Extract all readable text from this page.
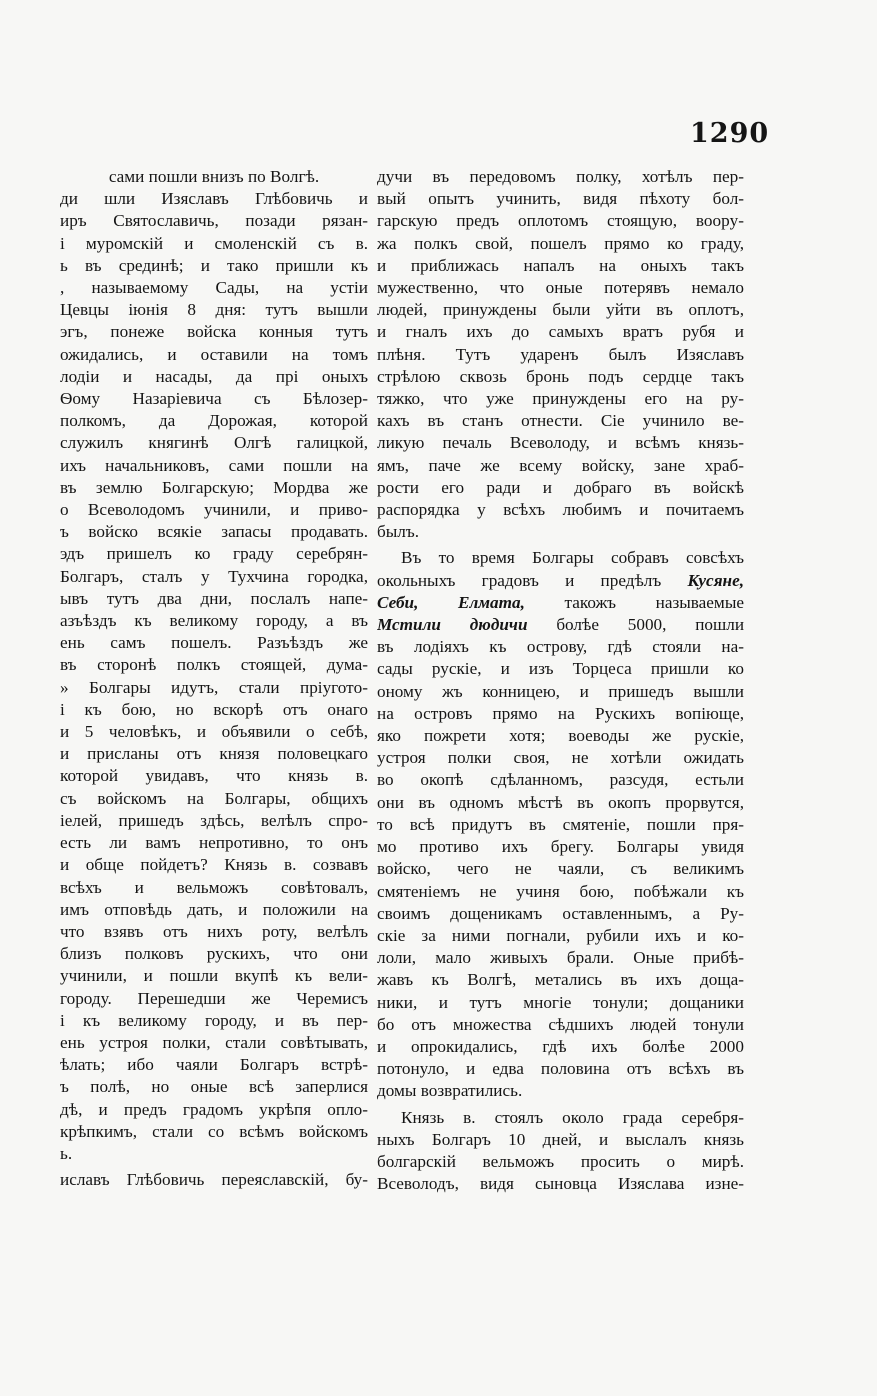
1290
сами пошли внизъ по Волгѣ.
ди шли Изяславъ Глѣбовичь и
иръ Святославичь, позади рязан-
і муромскій и смоленскій съ в.
ь въ срединѣ; и тако пришли къ
, называемому Сады, на устіи
Цевцы іюнія 8 дня: тутъ вышли
эгъ, понеже войска конныя тутъ
ожидались, и оставили на томъ
лодіи и насады, да прі оныхъ
Ѳому Назаріевича съ Бѣлозер-
полкомъ, да Дорожая, которой
служилъ княгинѣ Олгѣ галицкой,
ихъ начальниковъ, сами пошли на
въ землю Болгарскую; Мордва же
о Всеволодомъ учинили, и приво-
ъ войско всякіе запасы продавать.
эдъ пришелъ ко граду серебрян-
Болгаръ, сталъ у Тухчина городка,
ывъ тутъ два дни, послалъ напе-
азъѣздъ къ великому городу, а въ
ень самъ пошелъ. Разъѣздъ же
въ сторонѣ полкъ стоящей, дума-
» Болгары идутъ, стали пріуготo-
і къ бою, но вскорѣ отъ онаго
и 5 человѣкъ, и объявили о себѣ,
и присланы отъ князя половецкаго
которой увидавъ, что князь в.
съ войскомъ на Болгары, общихъ
іелей, пришедъ здѣсь, велѣлъ спро-
есть ли вамъ непротивно, то онъ
и обще пойдетъ? Князь в. созвавъ
всѣхъ и вельможъ совѣтовалъ,
имъ отповѣдь дать, и положили на
что взявъ отъ нихъ роту, велѣлъ
близъ полковъ рускихъ, что они
учинили, и пошли вкупѣ къ вели-
городу. Перешедши же Черемисъ
і къ великому городу, и въ пер-
ень устроя полки, стали совѣтывать,
ѣлать; ибо чаяли Болгаръ встрѣ-
ъ полѣ, но оные всѣ заперлися
дѣ, и предъ градомъ укрѣпя опло-
крѣпкимъ, стали со всѣмъ войскомъ
ь.
иславъ Глѣбовичь переяславскій, бу-
дучи въ передовомъ полку, хотѣлъ пер-
вый опытъ учинить, видя пѣхоту бол-
гарскую предъ оплотомъ стоящую, вооpy-
жа полкъ свой, пошелъ прямо ко граду,
и приближась напалъ на оныхъ такъ
мужественно, что оные потерявъ немало
людей, принуждены были уйти въ оплотъ,
и гналъ ихъ до самыхъ вратъ рубя и
плѣня. Тутъ ударенъ былъ Изяславъ
стрѣлою сквозь бронь подъ сердце такъ
тяжко, что уже принуждены его на ру-
кахъ въ станъ отнести. Сіе учинило ве-
ликую печаль Всеволоду, и всѣмъ князь-
ямъ, паче же всему войску, зане храб-
рости его ради и добраго въ войскѣ
распорядка у всѣхъ любимъ и почитаемъ
былъ.
Въ то время Болгары собравъ совсѣхъ
окольныхъ градовъ и предѣлъ Кусяне,
Себи, Елмата, такожъ называемые
Мстили дюдичи болѣе 5000, пошли
въ лодіяхъ къ острову, гдѣ стояли на-
сады рускіе, и изъ Торцеса пришли ко
оному жъ конницею, и пришедъ вышли
на островъ прямо на Рускихъ вопіюще,
яко пожрети хотя; воеводы же рускіе,
устроя полки своя, не хотѣли ожидать
во окопѣ сдѣланномъ, разсудя, естьли
они въ одномъ мѣстѣ въ окопъ прорвутся,
то всѣ придутъ въ смятеніе, пошли пря-
мо противо ихъ брегу. Болгары увидя
войско, чего не чаяли, съ великимъ
смятеніемъ не учиня бою, побѣжали къ
своимъ дощеникамъ оставленнымъ, а Ру-
скіе за ними погнали, рубили ихъ и ко-
лоли, мало живыхъ брали. Оные прибѣ-
жавъ къ Волгѣ, метались въ ихъ доща-
ники, и тутъ многіе тонули; дощаники
бо отъ множества сѣдшихъ людей тонули
и опрокидались, гдѣ ихъ болѣе 2000
потонуло, и едва половина отъ всѣхъ въ
домы возвратились.
Князь в. стоялъ около града серебря-
ныхъ Болгаръ 10 дней, и выслалъ князь
болгарскій вельможъ просить о мирѣ.
Всеволодъ, видя сыновца Изяслава изне-
